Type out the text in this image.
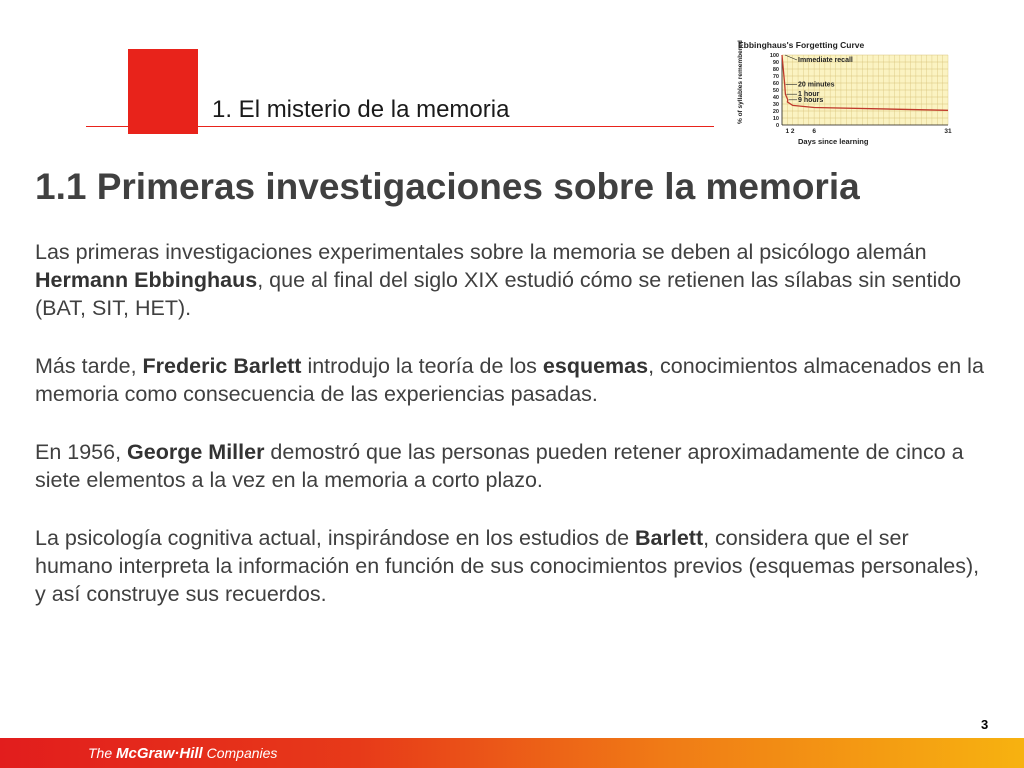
1. El misterio de la memoria
Ebbinghaus's Forgetting Curve
100
90
80
70
60
50
40
30
20
10
0
1 2	6	31
% of syllables remembered	Immediate recall
20 minutes
1 hour
9 hours
Days since learning
1.1 Primeras investigaciones sobre la memoria

Las primeras investigaciones experimentales sobre la memoria se deben al psicólogo alemán Hermann Ebbinghaus, que al final del siglo XIX estudió cómo se retienen las sílabas sin sentido (BAT, SIT, HET).

Más tarde, Frederic Barlett introdujo la teoría de los esquemas, conocimientos almacenados en la memoria como consecuencia de las experiencias pasadas.

En 1956, George Miller demostró que las personas pueden retener aproximadamente de cinco a siete elementos a la vez en la memoria a corto plazo.

La psicología cognitiva actual, inspirándose en los estudios de Barlett, considera que el ser humano interpreta la información en función de sus conocimientos previos (esquemas personales), y así construye sus recuerdos.

3
The McGraw·Hill Companies
